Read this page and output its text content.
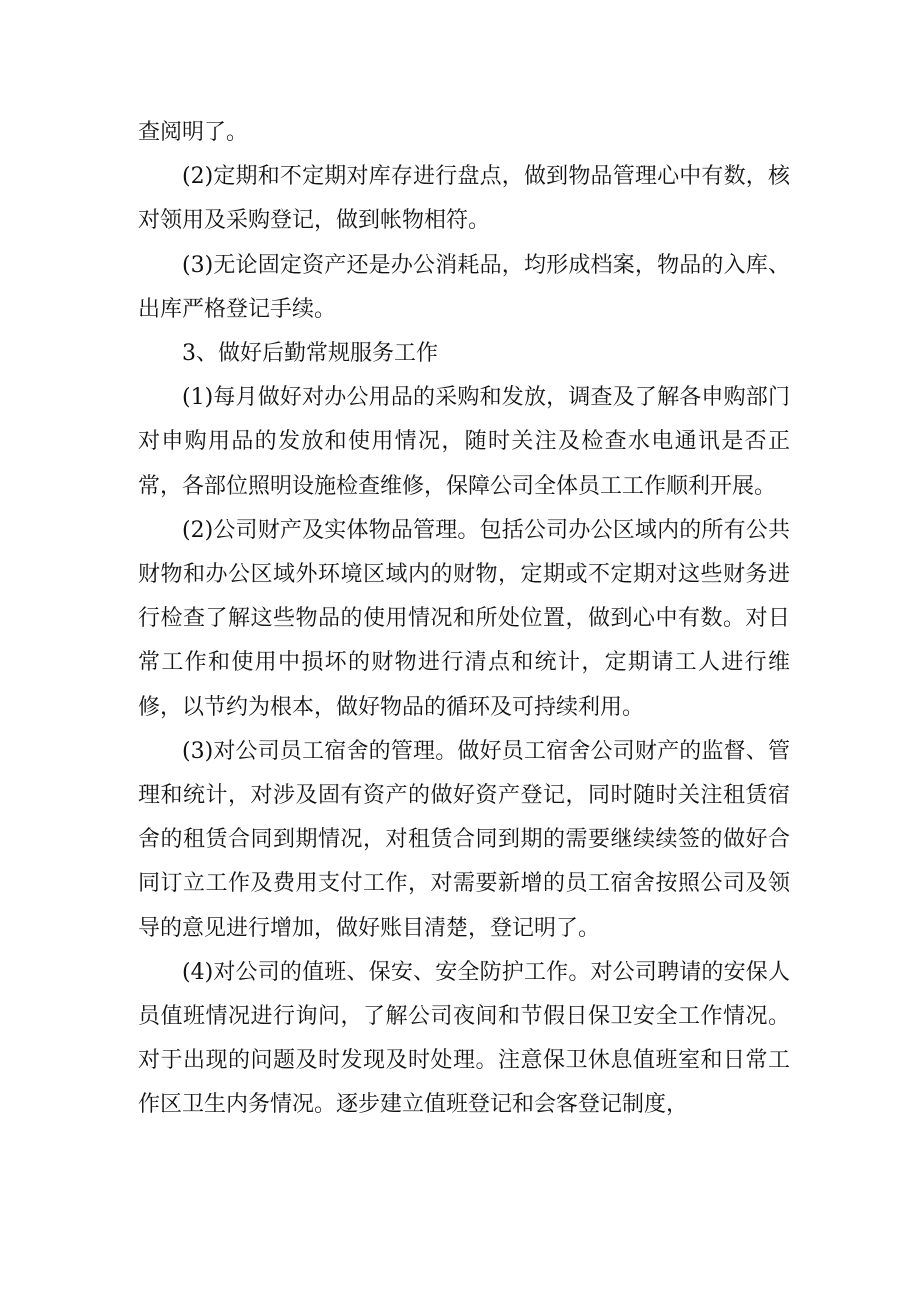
查阅明了。

(2)定期和不定期对库存进行盘点，做到物品管理心中有数，核对领用及采购登记，做到帐物相符。

(3)无论固定资产还是办公消耗品，均形成档案，物品的入库、出库严格登记手续。

3、做好后勤常规服务工作

(1)每月做好对办公用品的采购和发放，调查及了解各申购部门对申购用品的发放和使用情况，随时关注及检查水电通讯是否正常，各部位照明设施检查维修，保障公司全体员工工作顺利开展。

(2)公司财产及实体物品管理。包括公司办公区域内的所有公共财物和办公区域外环境区域内的财物，定期或不定期对这些财务进行检查了解这些物品的使用情况和所处位置，做到心中有数。对日常工作和使用中损坏的财物进行清点和统计，定期请工人进行维修，以节约为根本，做好物品的循环及可持续利用。

(3)对公司员工宿舍的管理。做好员工宿舍公司财产的监督、管理和统计，对涉及固有资产的做好资产登记，同时随时关注租赁宿舍的租赁合同到期情况，对租赁合同到期的需要继续续签的做好合同订立工作及费用支付工作，对需要新增的员工宿舍按照公司及领导的意见进行增加，做好账目清楚，登记明了。

(4)对公司的值班、保安、安全防护工作。对公司聘请的安保人员值班情况进行询问，了解公司夜间和节假日保卫安全工作情况。对于出现的问题及时发现及时处理。注意保卫休息值班室和日常工作区卫生内务情况。逐步建立值班登记和会客登记制度，
